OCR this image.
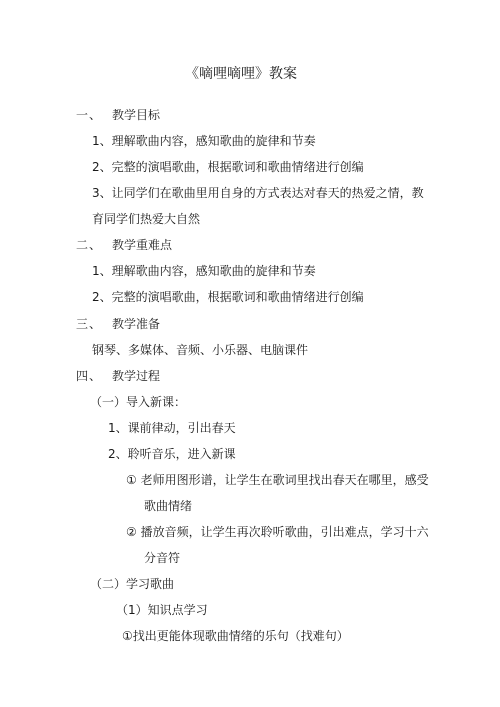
《嘀哩嘀哩》教案
一、 教学目标
1、理解歌曲内容，感知歌曲的旋律和节奏
2、完整的演唱歌曲，根据歌词和歌曲情绪进行创编
3、让同学们在歌曲里用自身的方式表达对春天的热爱之情，教
育同学们热爱大自然
二、 教学重难点
1、理解歌曲内容，感知歌曲的旋律和节奏
2、完整的演唱歌曲，根据歌词和歌曲情绪进行创编
三、 教学准备
钢琴、多媒体、音频、小乐器、电脑课件
四、 教学过程
（一）导入新课：
1、课前律动，引出春天
2、聆听音乐，进入新课
① 老师用图形谱，让学生在歌词里找出春天在哪里，感受
歌曲情绪
② 播放音频，让学生再次聆听歌曲，引出难点，学习十六
分音符
（二）学习歌曲
（1）知识点学习
①找出更能体现歌曲情绪的乐句（找难句）
